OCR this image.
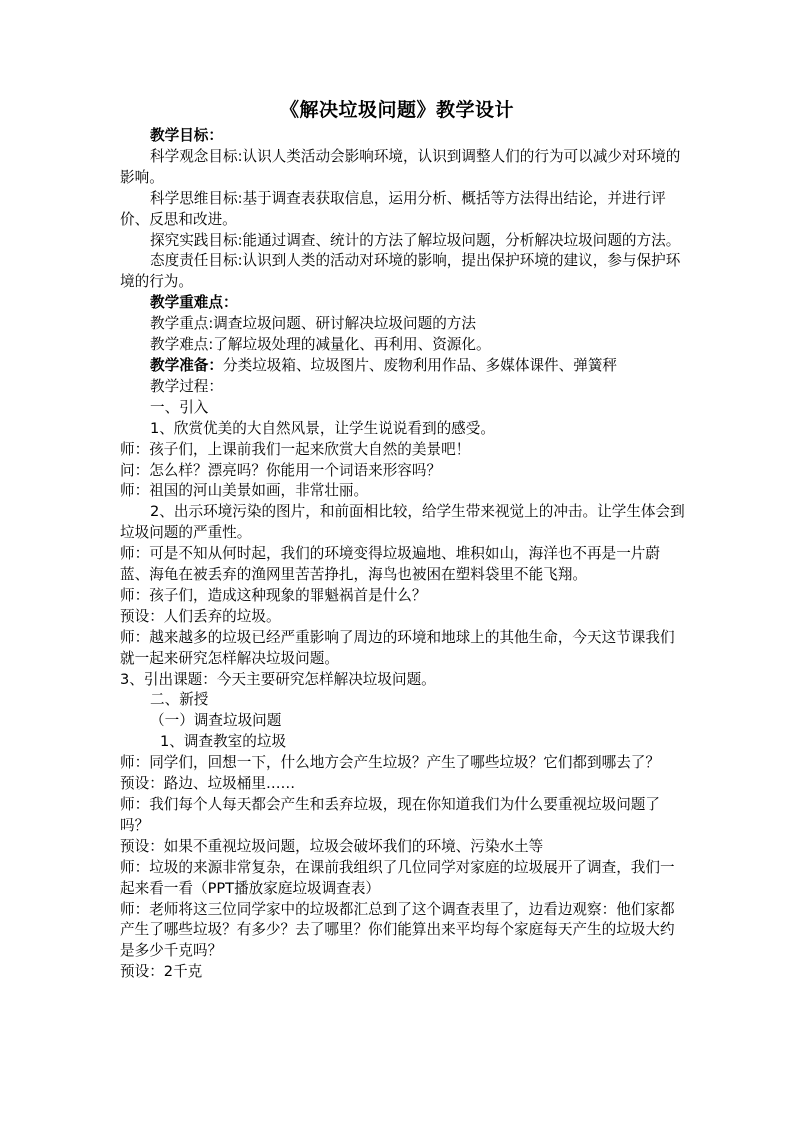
《解决垃圾问题》教学设计

教学目标：

科学观念目标:认识人类活动会影响环境，认识到调整人们的行为可以减少对环境的影响。

科学思维目标:基于调查表获取信息，运用分析、概括等方法得出结论，并进行评价、反思和改进。

探究实践目标:能通过调查、统计的方法了解垃圾问题，分析解决垃圾问题的方法。

态度责任目标:认识到人类的活动对环境的影响，提出保护环境的建议，参与保护环境的行为。

教学重难点：

教学重点:调查垃圾问题、研讨解决垃圾问题的方法

教学难点:了解垃圾处理的减量化、再利用、资源化。

教学准备：分类垃圾箱、垃圾图片、废物利用作品、多媒体课件、弹簧秤

教学过程：

一、引入

1、欣赏优美的大自然风景，让学生说说看到的感受。

师：孩子们，上课前我们一起来欣赏大自然的美景吧！

问：怎么样？漂亮吗？你能用一个词语来形容吗？

师：祖国的河山美景如画，非常壮丽。

2、出示环境污染的图片，和前面相比较，给学生带来视觉上的冲击。让学生体会到垃圾问题的严重性。

师：可是不知从何时起，我们的环境变得垃圾遍地、堆积如山，海洋也不再是一片蔚蓝、海龟在被丢弃的渔网里苦苦挣扎，海鸟也被困在塑料袋里不能飞翔。

师：孩子们，造成这种现象的罪魁祸首是什么？

预设：人们丢弃的垃圾。

师：越来越多的垃圾已经严重影响了周边的环境和地球上的其他生命，今天这节课我们就一起来研究怎样解决垃圾问题。

3、引出课题：今天主要研究怎样解决垃圾问题。

二、新授

（一）调查垃圾问题

1、调查教室的垃圾

师：同学们，回想一下，什么地方会产生垃圾？产生了哪些垃圾？它们都到哪去了？

预设：路边、垃圾桶里……

师：我们每个人每天都会产生和丢弃垃圾，现在你知道我们为什么要重视垃圾问题了吗？

预设：如果不重视垃圾问题，垃圾会破坏我们的环境、污染水土等

师：垃圾的来源非常复杂，在课前我组织了几位同学对家庭的垃圾展开了调查，我们一起来看一看（PPT播放家庭垃圾调查表）

师：老师将这三位同学家中的垃圾都汇总到了这个调查表里了，边看边观察：他们家都产生了哪些垃圾？有多少？去了哪里？你们能算出来平均每个家庭每天产生的垃圾大约是多少千克吗？

预设：2千克
